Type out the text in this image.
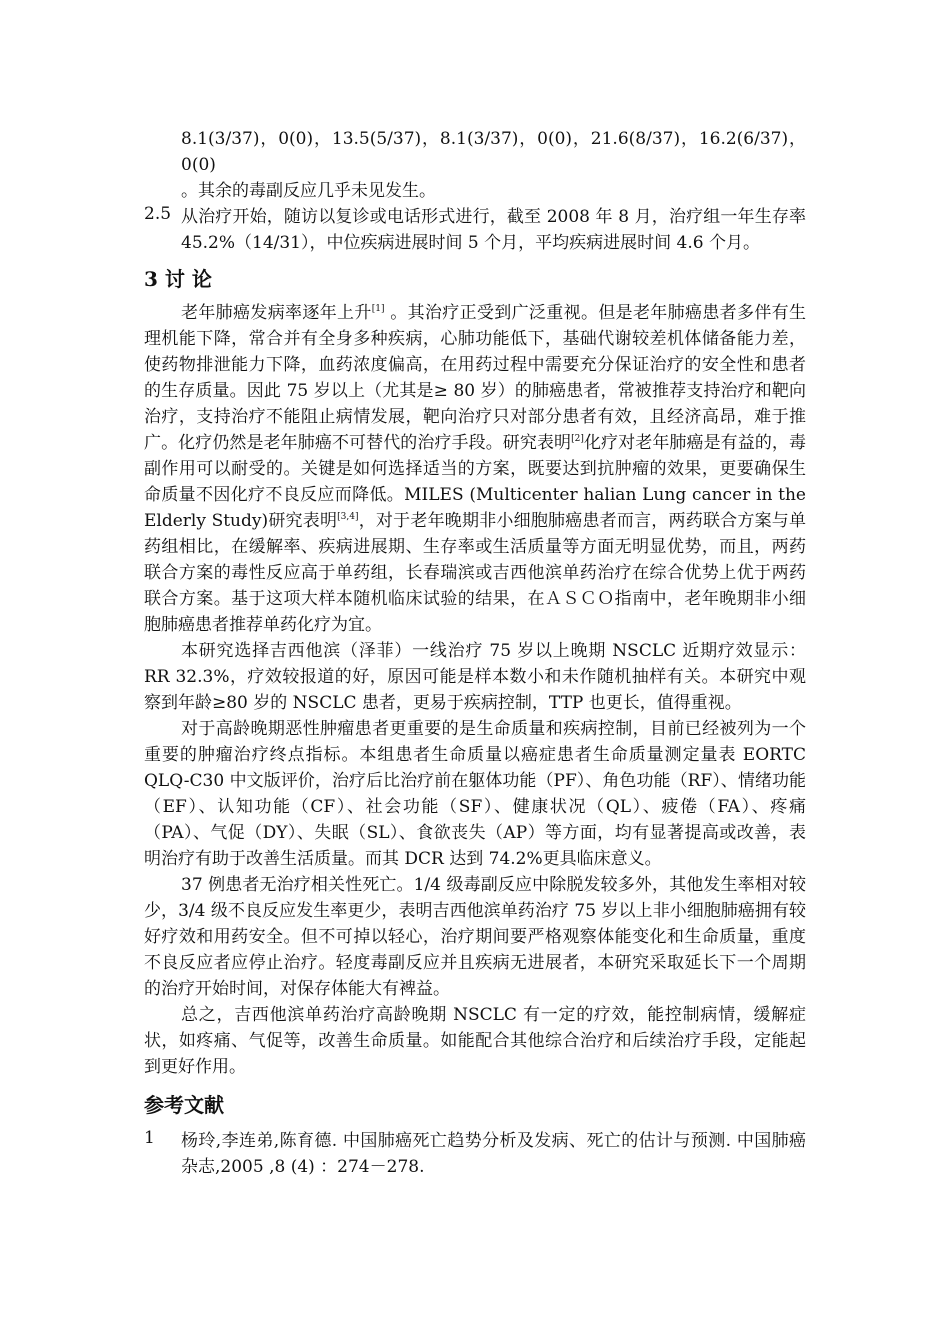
8.1(3/37)，0(0)，13.5(5/37)，8.1(3/37)，0(0)，21.6(8/37)，16.2(6/37)，0(0)

。其余的毒副反应几乎未见发生。

2.5 从治疗开始，随访以复诊或电话形式进行，截至 2008 年 8 月，治疗组一年生存率 45.2%（14/31），中位疾病进展时间 5 个月，平均疾病进展时间 4.6 个月。
3 讨 论

老年肺癌发病率逐年上升[1] 。其治疗正受到广泛重视。但是老年肺癌患者多伴有生理机能下降，常合并有全身多种疾病，心肺功能低下，基础代谢较差机体储备能力差，使药物排泄能力下降，血药浓度偏高，在用药过程中需要充分保证治疗的安全性和患者的生存质量。因此 75 岁以上（尤其是≥ 80 岁）的肺癌患者，常被推荐支持治疗和靶向治疗，支持治疗不能阻止病情发展，靶向治疗只对部分患者有效，且经济高昂，难于推广。化疗仍然是老年肺癌不可替代的治疗手段。研究表明[2]化疗对老年肺癌是有益的，毒副作用可以耐受的。关键是如何选择适当的方案，既要达到抗肿瘤的效果，更要确保生命质量不因化疗不良反应而降低。MILES (Multicenter halian Lung cancer in the Elderly Study)研究表明[3,4]，对于老年晚期非小细胞肺癌患者而言，两药联合方案与单药组相比，在缓解率、疾病进展期、生存率或生活质量等方面无明显优势，而且，两药联合方案的毒性反应高于单药组，长春瑞滨或吉西他滨单药治疗在综合优势上优于两药联合方案。基于这项大样本随机临床试验的结果，在ＡＳＣＯ指南中，老年晚期非小细胞肺癌患者推荐单药化疗为宜。

本研究选择吉西他滨（泽菲）一线治疗 75 岁以上晚期 NSCLC 近期疗效显示：RR 32.3%，疗效较报道的好，原因可能是样本数小和未作随机抽样有关。本研究中观察到年龄≥80 岁的 NSCLC 患者，更易于疾病控制，TTP 也更长，值得重视。

对于高龄晚期恶性肿瘤患者更重要的是生命质量和疾病控制，目前已经被列为一个重要的肿瘤治疗终点指标。本组患者生命质量以癌症患者生命质量测定量表 EORTC QLQ-C30 中文版评价，治疗后比治疗前在躯体功能（PF）、角色功能（RF）、情绪功能（EF）、认知功能（CF）、社会功能（SF）、健康状况（QL）、疲倦（FA）、疼痛（PA）、气促（DY）、失眠（SL）、食欲丧失（AP）等方面，均有显著提高或改善，表明治疗有助于改善生活质量。而其 DCR 达到 74.2%更具临床意义。

37 例患者无治疗相关性死亡。1/4 级毒副反应中除脱发较多外，其他发生率相对较少，3/4 级不良反应发生率更少，表明吉西他滨单药治疗 75 岁以上非小细胞肺癌拥有较好疗效和用药安全。但不可掉以轻心，治疗期间要严格观察体能变化和生命质量，重度不良反应者应停止治疗。轻度毒副反应并且疾病无进展者，本研究采取延长下一个周期的治疗开始时间，对保存体能大有裨益。

总之，吉西他滨单药治疗高龄晚期 NSCLC 有一定的疗效，能控制病情，缓解症状，如疼痛、气促等，改善生命质量。如能配合其他综合治疗和后续治疗手段，定能起到更好作用。

参考文献
1	杨玲,李连弟,陈育德. 中国肺癌死亡趋势分析及发病、死亡的估计与预测. 中国肺癌杂志,2005 ,8 (4) ：274－278.
